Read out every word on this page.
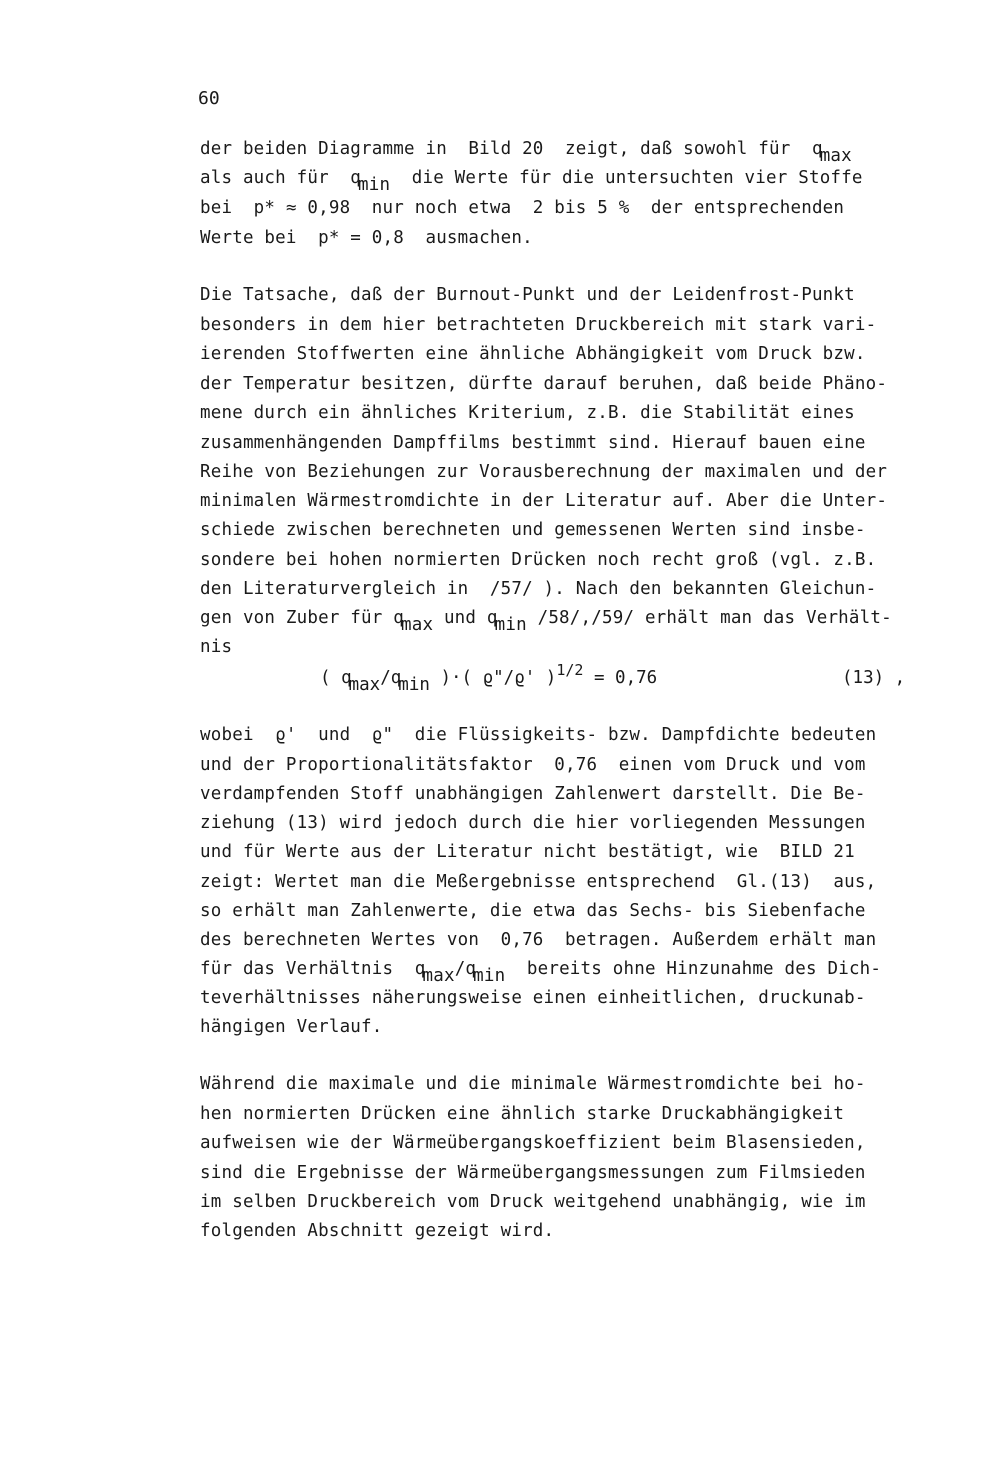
60
der beiden Diagramme in  Bild 20  zeigt, daß sowohl für  $q_{max}$
als auch für  $q_{min}$  die Werte für die untersuchten vier Stoffe
bei  p* ≈ 0,98  nur noch etwa  2 bis 5 %  der entsprechenden
Werte bei  p* = 0,8  ausmachen.
Die Tatsache, daß der Burnout-Punkt und der Leidenfrost-Punkt
besonders in dem hier betrachteten Druckbereich mit stark vari-
ierenden Stoffwerten eine ähnliche Abhängigkeit vom Druck bzw.
der Temperatur besitzen, dürfte darauf beruhen, daß beide Phäno-
mene durch ein ähnliches Kriterium, z.B. die Stabilität eines
zusammenhängenden Dampffilms bestimmt sind. Hierauf bauen eine
Reihe von Beziehungen zur Vorausberechnung der maximalen und der
minimalen Wärmestromdichte in der Literatur auf. Aber die Unter-
schiede zwischen berechneten und gemessenen Werten sind insbe-
sondere bei hohen normierten Drücken noch recht groß (vgl. z.B.
den Literaturvergleich in  /57/ ). Nach den bekannten Gleichun-
gen von Zuber für $q_{max}$ und $q_{min}$ /58/,/59/ erhält man das Verhält-
nis
( $q_{max}/q_{min}$ )·( ϱ"/ϱ' )$^{1/2}$ = 0,76	(13) ,
wobei  ϱ'  und  ϱ"  die Flüssigkeits- bzw. Dampfdichte bedeuten
und der Proportionalitätsfaktor  0,76  einen vom Druck und vom
verdampfenden Stoff unabhängigen Zahlenwert darstellt. Die Be-
ziehung (13) wird jedoch durch die hier vorliegenden Messungen
und für Werte aus der Literatur nicht bestätigt, wie  BILD 21
zeigt: Wertet man die Meßergebnisse entsprechend  Gl.(13)  aus,
so erhält man Zahlenwerte, die etwa das Sechs- bis Siebenfache
des berechneten Wertes von  0,76  betragen. Außerdem erhält man
für das Verhältnis  $q_{max}/q_{min}$  bereits ohne Hinzunahme des Dich-
teverhältnisses näherungsweise einen einheitlichen, druckunab-
hängigen Verlauf.
Während die maximale und die minimale Wärmestromdichte bei ho-
hen normierten Drücken eine ähnlich starke Druckabhängigkeit
aufweisen wie der Wärmeübergangskoeffizient beim Blasensieden,
sind die Ergebnisse der Wärmeübergangsmessungen zum Filmsieden
im selben Druckbereich vom Druck weitgehend unabhängig, wie im
folgenden Abschnitt gezeigt wird.
